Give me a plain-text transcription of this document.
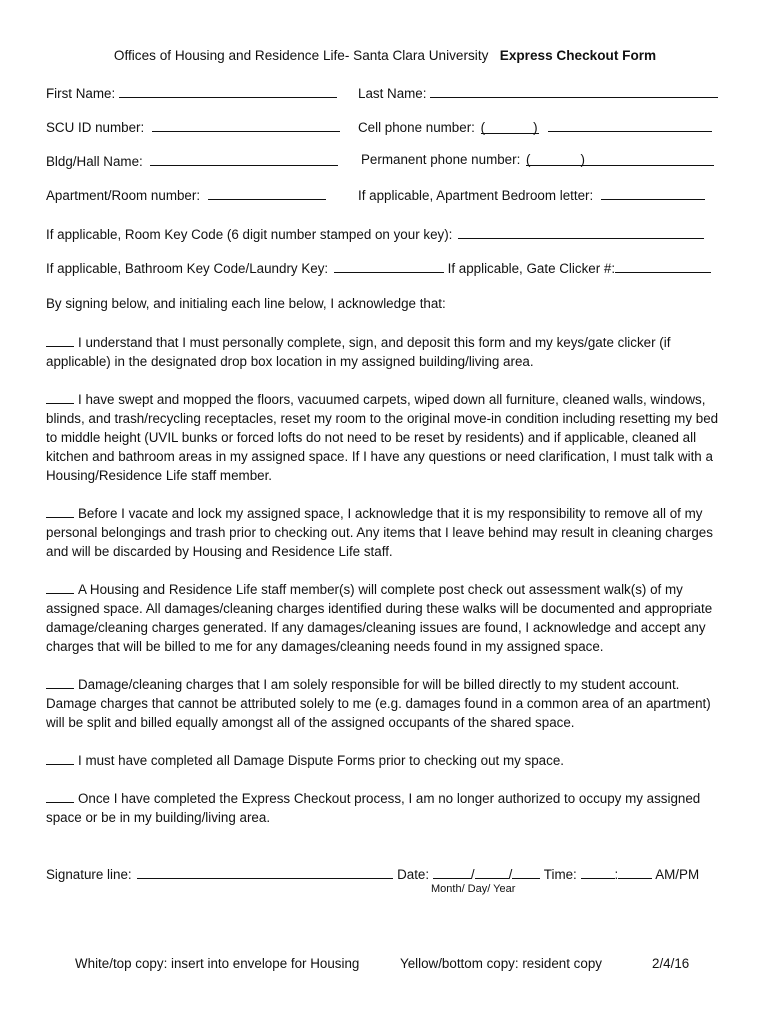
Offices of Housing and Residence Life- Santa Clara University Express Checkout Form
First Name:	Last Name:
SCU ID number:	Cell phone number: (	)
Bldg/Hall Name:	Permanent phone number: (	)
Apartment/Room number:	If applicable, Apartment Bedroom letter:
If applicable, Room Key Code (6 digit number stamped on your key):
If applicable, Bathroom Key Code/Laundry Key:	If applicable, Gate Clicker #:
By signing below, and initialing each line below, I acknowledge that:
I understand that I must personally complete, sign, and deposit this form and my keys/gate clicker (if applicable) in the designated drop box location in my assigned building/living area.
I have swept and mopped the floors, vacuumed carpets, wiped down all furniture, cleaned walls, windows, blinds, and trash/recycling receptacles, reset my room to the original move-in condition including resetting my bed to middle height (UVIL bunks or forced lofts do not need to be reset by residents) and if applicable, cleaned all kitchen and bathroom areas in my assigned space. If I have any questions or need clarification, I must talk with a Housing/Residence Life staff member.
Before I vacate and lock my assigned space, I acknowledge that it is my responsibility to remove all of my personal belongings and trash prior to checking out. Any items that I leave behind may result in cleaning charges and will be discarded by Housing and Residence Life staff.
A Housing and Residence Life staff member(s) will complete post check out assessment walk(s) of my assigned space. All damages/cleaning charges identified during these walks will be documented and appropriate damage/cleaning charges generated. If any damages/cleaning issues are found, I acknowledge and accept any charges that will be billed to me for any damages/cleaning needs found in my assigned space.
Damage/cleaning charges that I am solely responsible for will be billed directly to my student account. Damage charges that cannot be attributed solely to me (e.g. damages found in a common area of an apartment) will be split and billed equally amongst all of the assigned occupants of the shared space.
I must have completed all Damage Dispute Forms prior to checking out my space.
Once I have completed the Express Checkout process, I am no longer authorized to occupy my assigned space or be in my building/living area.
Signature line:	Date:	/	/ Time:	:	AM/PM
Month/ Day/ Year
White/top copy: insert into envelope for Housing	Yellow/bottom copy: resident copy	2/4/16
